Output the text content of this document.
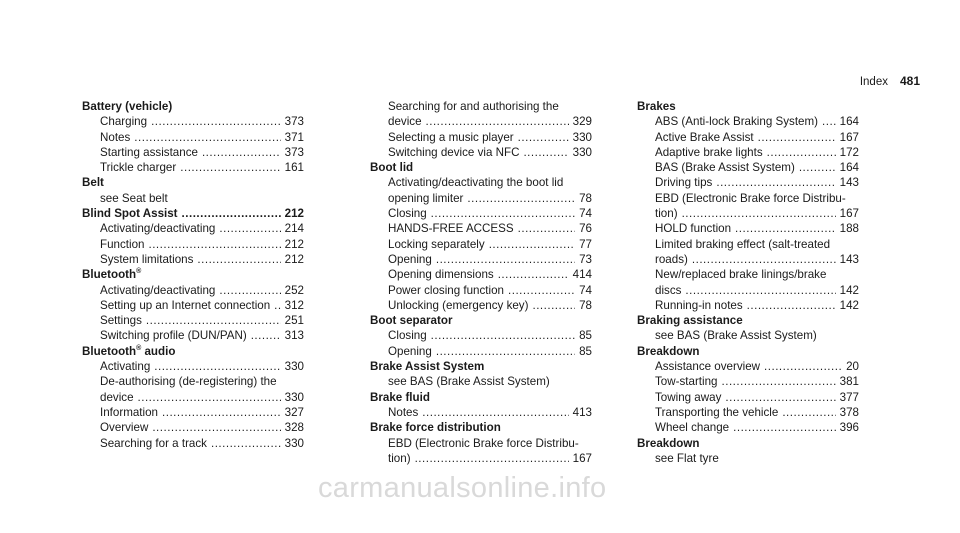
Index 481
Battery (vehicle)
Charging .....	373
Notes .....	371
Starting assistance .....	373
Trickle charger .....	161
Belt
see Seat belt
Blind Spot Assist .....	212
Activating/deactivating .....	214
Function .....	212
System limitations .....	212
Bluetooth®
Activating/deactivating .....	252
Setting up an Internet connection ..... 312
Settings .....	251
Switching profile (DUN/PAN) .....	313
Bluetooth® audio
Activating .....	330
De-authorising (de-registering) the
device .....	330
Information .....	327
Overview .....	328
Searching for a track .....	330
Searching for and authorising the
device .....	329
Selecting a music player .....	330
Switching device via NFC .....	330
Boot lid
Activating/deactivating the boot lid
opening limiter .....	78
Closing .....	74
HANDS-FREE ACCESS .....	76
Locking separately .....	77
Opening .....	73
Opening dimensions .....	414
Power closing function .....	74
Unlocking (emergency key) .....	78
Boot separator
Closing .....	85
Opening .....	85
Brake Assist System
see BAS (Brake Assist System)
Brake fluid
Notes .....	413
Brake force distribution
EBD (Electronic Brake force Distribu-
tion) .....	167
Brakes
ABS (Anti-lock Braking System) ..... 164
Active Brake Assist .....	167
Adaptive brake lights .....	172
BAS (Brake Assist System) .....	164
Driving tips .....	143
EBD (Electronic Brake force Distribu-
tion) .....	167
HOLD function .....	188
Limited braking effect (salt-treated
roads) .....	143
New/replaced brake linings/brake
discs .....	142
Running-in notes .....	142
Braking assistance
see BAS (Brake Assist System)
Breakdown
Assistance overview .....	20
Tow-starting .....	381
Towing away .....	377
Transporting the vehicle .....	378
Wheel change .....	396
Breakdown
see Flat tyre
carmanualsonline.info
